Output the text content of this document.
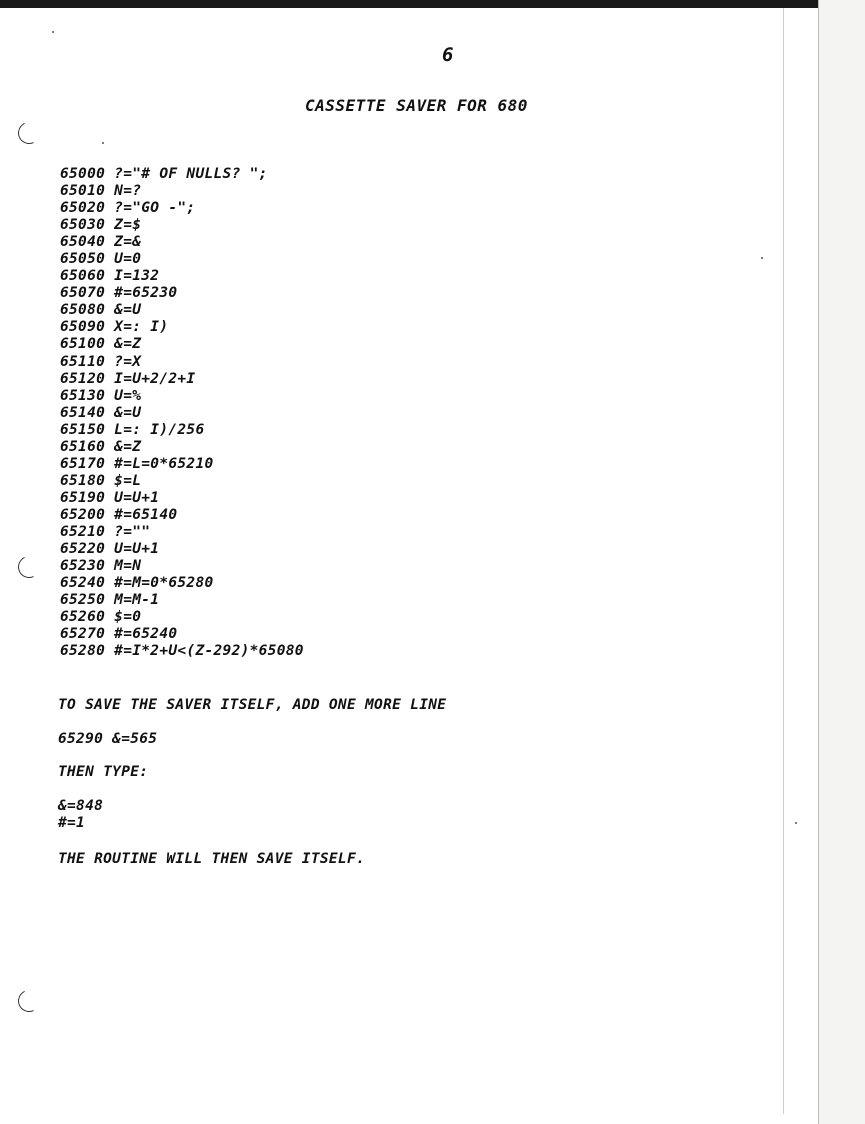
6
CASSETTE SAVER FOR 680
65000 ?="# OF NULLS? ";
65010 N=?
65020 ?="GO -";
65030 Z=$
65040 Z=&
65050 U=0
65060 I=132
65070 #=65230
65080 &=U
65090 X=: I)
65100 &=Z
65110 ?=X
65120 I=U+2/2+I
65130 U=%
65140 &=U
65150 L=: I)/256
65160 &=Z
65170 #=L=0*65210
65180 $=L
65190 U=U+1
65200 #=65140
65210 ?=""
65220 U=U+1
65230 M=N
65240 #=M=0*65280
65250 M=M-1
65260 $=0
65270 #=65240
65280 #=I*2+U<(Z-292)*65080
TO SAVE THE SAVER ITSELF, ADD ONE MORE LINE
65290 &=565
THEN TYPE:
&=848
#=1
THE ROUTINE WILL THEN SAVE ITSELF.
